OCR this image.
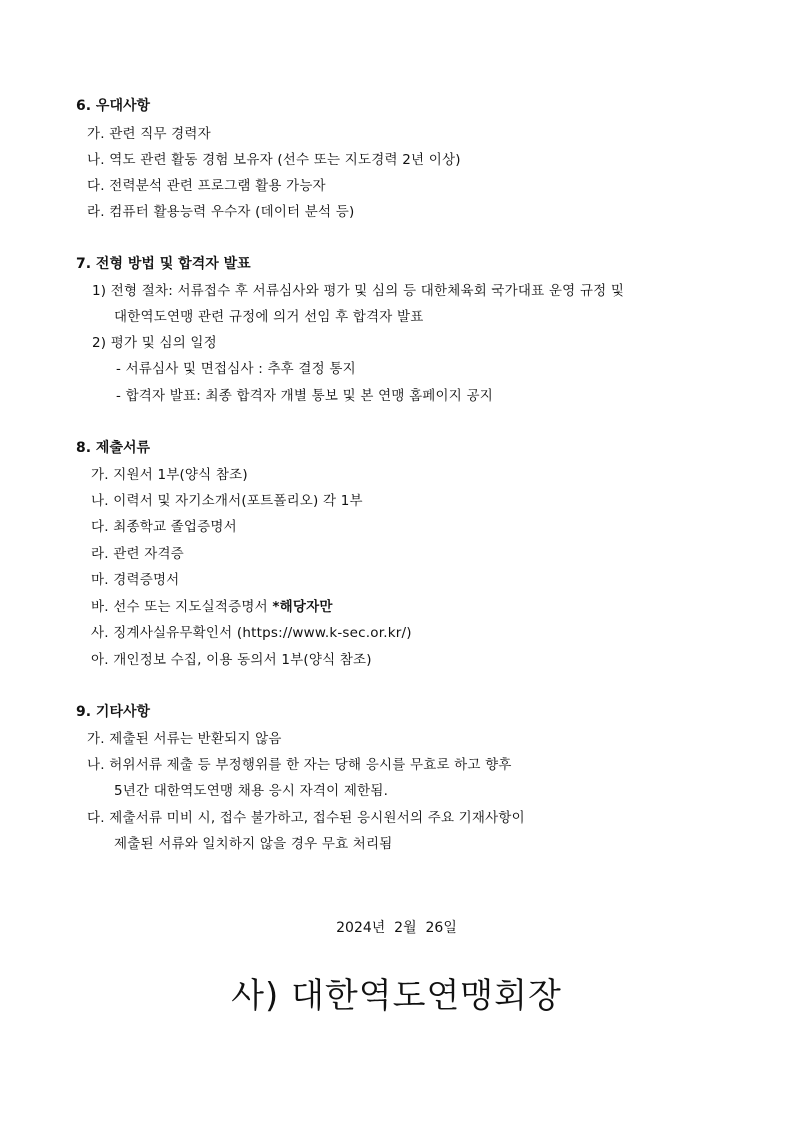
6. 우대사항
가. 관련 직무 경력자
나. 역도 관련 활동 경험 보유자 (선수 또는 지도경력 2년 이상)
다. 전력분석 관련 프로그램 활용 가능자
라. 컴퓨터 활용능력 우수자 (데이터 분석 등)
7. 전형 방법 및 합격자 발표
1) 전형 절차: 서류접수 후 서류심사와 평가 및 심의 등 대한체육회 국가대표 운영 규정 및
대한역도연맹 관련 규정에 의거 선임 후 합격자 발표
2) 평가 및 심의 일정
- 서류심사 및 면접심사 : 추후 결정 통지
- 합격자 발표: 최종 합격자 개별 통보 및 본 연맹 홈페이지 공지
8. 제출서류
가. 지원서 1부(양식 참조)
나. 이력서 및 자기소개서(포트폴리오) 각 1부
다. 최종학교 졸업증명서
라. 관련 자격증
마. 경력증명서
바. 선수 또는 지도실적증명서 *해당자만
사. 징계사실유무확인서 (https://www.k-sec.or.kr/)
아. 개인정보 수집, 이용 동의서 1부(양식 참조)
9. 기타사항
가. 제출된 서류는 반환되지 않음
나. 허위서류 제출 등 부정행위를 한 자는 당해 응시를 무효로 하고 향후
5년간 대한역도연맹 채용 응시 자격이 제한됨.
다. 제출서류 미비 시, 접수 불가하고, 접수된 응시원서의 주요 기재사항이
제출된 서류와 일치하지 않을 경우 무효 처리됨
2024년  2월  26일
사) 대한역도연맹회장
